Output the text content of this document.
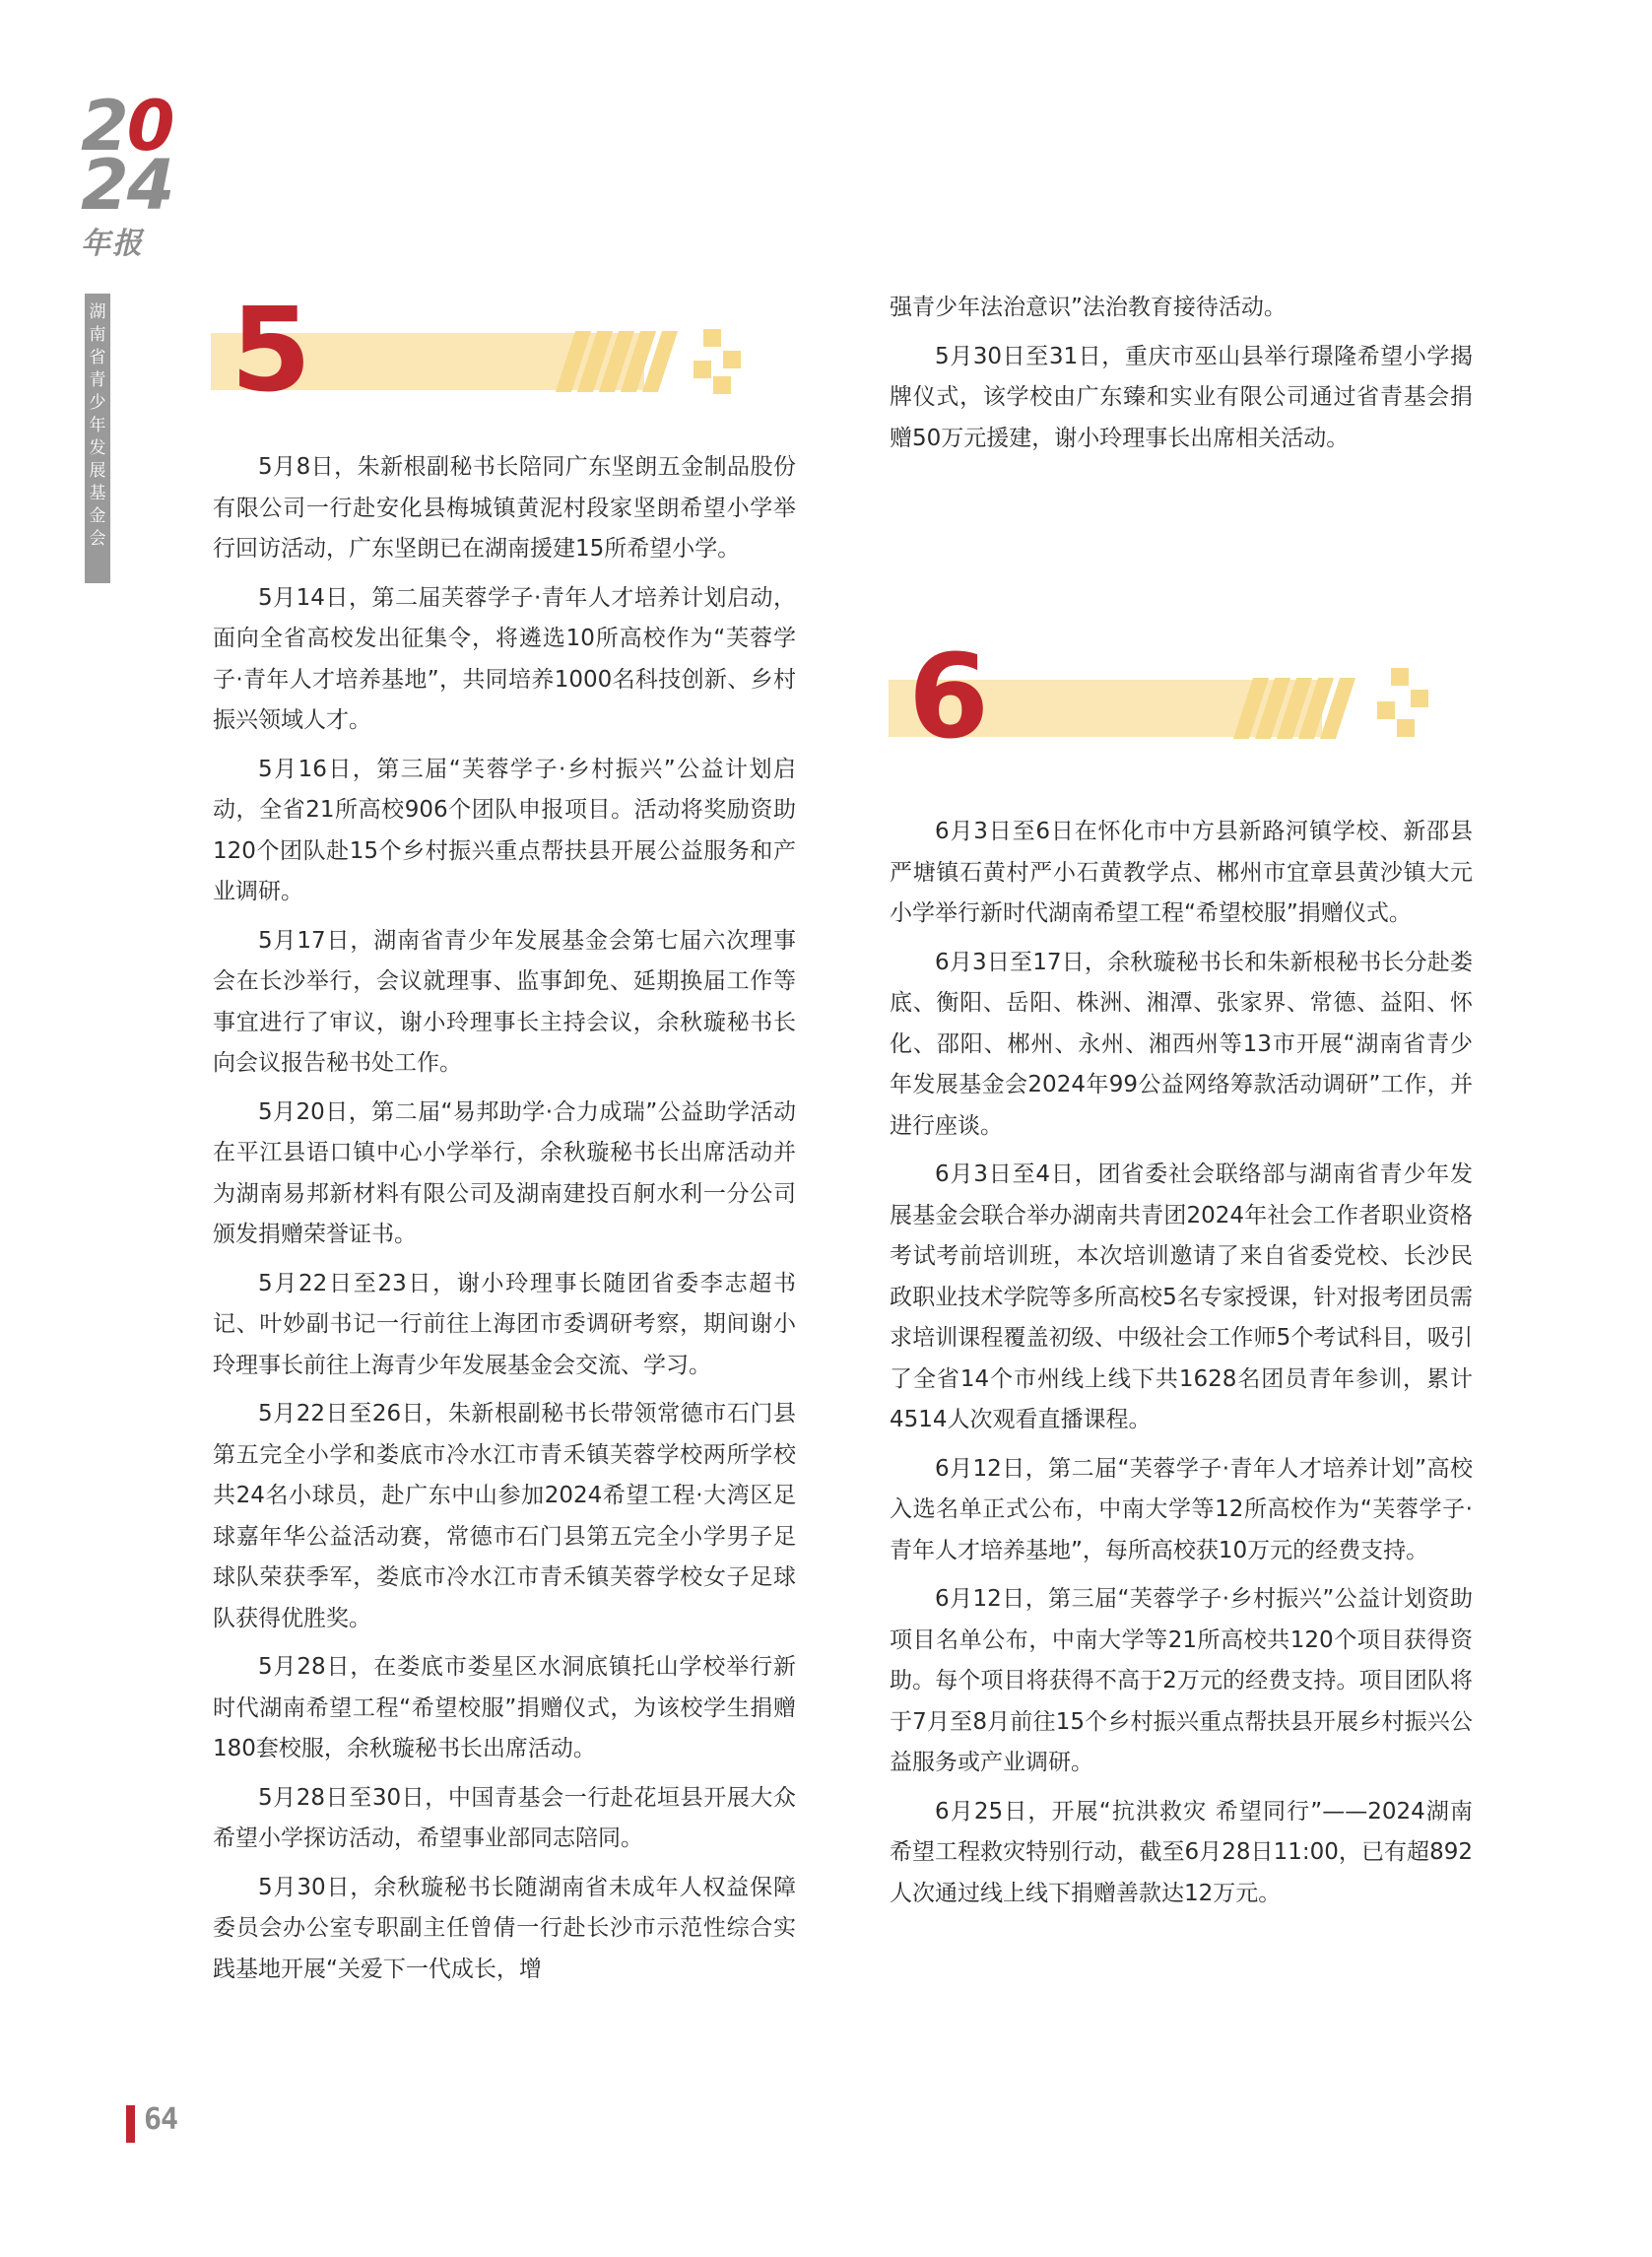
20
24
年报
湖
南
省
青
少
年
发
展
基
金
会
5
6

5月8日，朱新根副秘书长陪同广东坚朗五金制品股份有限公司一行赴安化县梅城镇黄泥村段家坚朗希望小学举行回访活动，广东坚朗已在湖南援建15所希望小学。

5月14日，第二届芙蓉学子·青年人才培养计划启动，面向全省高校发出征集令，将遴选10所高校作为“芙蓉学子·青年人才培养基地”，共同培养1000名科技创新、乡村振兴领域人才。

5月16日，第三届“芙蓉学子·乡村振兴”公益计划启动，全省21所高校906个团队申报项目。活动将奖励资助120个团队赴15个乡村振兴重点帮扶县开展公益服务和产业调研。

5月17日，湖南省青少年发展基金会第七届六次理事会在长沙举行，会议就理事、监事卸免、延期换届工作等事宜进行了审议，谢小玲理事长主持会议，余秋璇秘书长向会议报告秘书处工作。

5月20日，第二届“易邦助学·合力成瑞”公益助学活动在平江县语口镇中心小学举行，余秋璇秘书长出席活动并为湖南易邦新材料有限公司及湖南建投百舸水利一分公司颁发捐赠荣誉证书。

5月22日至23日，谢小玲理事长随团省委李志超书记、叶妙副书记一行前往上海团市委调研考察，期间谢小玲理事长前往上海青少年发展基金会交流、学习。

5月22日至26日，朱新根副秘书长带领常德市石门县第五完全小学和娄底市冷水江市青禾镇芙蓉学校两所学校共24名小球员，赴广东中山参加2024希望工程·大湾区足球嘉年华公益活动赛，常德市石门县第五完全小学男子足球队荣获季军，娄底市冷水江市青禾镇芙蓉学校女子足球队获得优胜奖。

5月28日，在娄底市娄星区水洞底镇托山学校举行新时代湖南希望工程“希望校服”捐赠仪式，为该校学生捐赠180套校服，余秋璇秘书长出席活动。

5月28日至30日，中国青基会一行赴花垣县开展大众希望小学探访活动，希望事业部同志陪同。

5月30日，余秋璇秘书长随湖南省未成年人权益保障委员会办公室专职副主任曾倩一行赴长沙市示范性综合实践基地开展“关爱下一代成长，增

强青少年法治意识”法治教育接待活动。

5月30日至31日，重庆市巫山县举行璟隆希望小学揭牌仪式，该学校由广东臻和实业有限公司通过省青基会捐赠50万元援建，谢小玲理事长出席相关活动。

6月3日至6日在怀化市中方县新路河镇学校、新邵县严塘镇石黄村严小石黄教学点、郴州市宜章县黄沙镇大元小学举行新时代湖南希望工程“希望校服”捐赠仪式。

6月3日至17日，余秋璇秘书长和朱新根秘书长分赴娄底、衡阳、岳阳、株洲、湘潭、张家界、常德、益阳、怀化、邵阳、郴州、永州、湘西州等13市开展“湖南省青少年发展基金会2024年99公益网络筹款活动调研”工作，并进行座谈。

6月3日至4日，团省委社会联络部与湖南省青少年发展基金会联合举办湖南共青团2024年社会工作者职业资格考试考前培训班，本次培训邀请了来自省委党校、长沙民政职业技术学院等多所高校5名专家授课，针对报考团员需求培训课程覆盖初级、中级社会工作师5个考试科目，吸引了全省14个市州线上线下共1628名团员青年参训，累计4514人次观看直播课程。

6月12日，第二届“芙蓉学子·青年人才培养计划”高校入选名单正式公布，中南大学等12所高校作为“芙蓉学子·青年人才培养基地”，每所高校获10万元的经费支持。

6月12日，第三届“芙蓉学子·乡村振兴”公益计划资助项目名单公布，中南大学等21所高校共120个项目获得资助。每个项目将获得不高于2万元的经费支持。项目团队将于7月至8月前往15个乡村振兴重点帮扶县开展乡村振兴公益服务或产业调研。

6月25日，开展“抗洪救灾 希望同行”——2024湖南希望工程救灾特别行动，截至6月28日11:00，已有超892人次通过线上线下捐赠善款达12万元。

64
